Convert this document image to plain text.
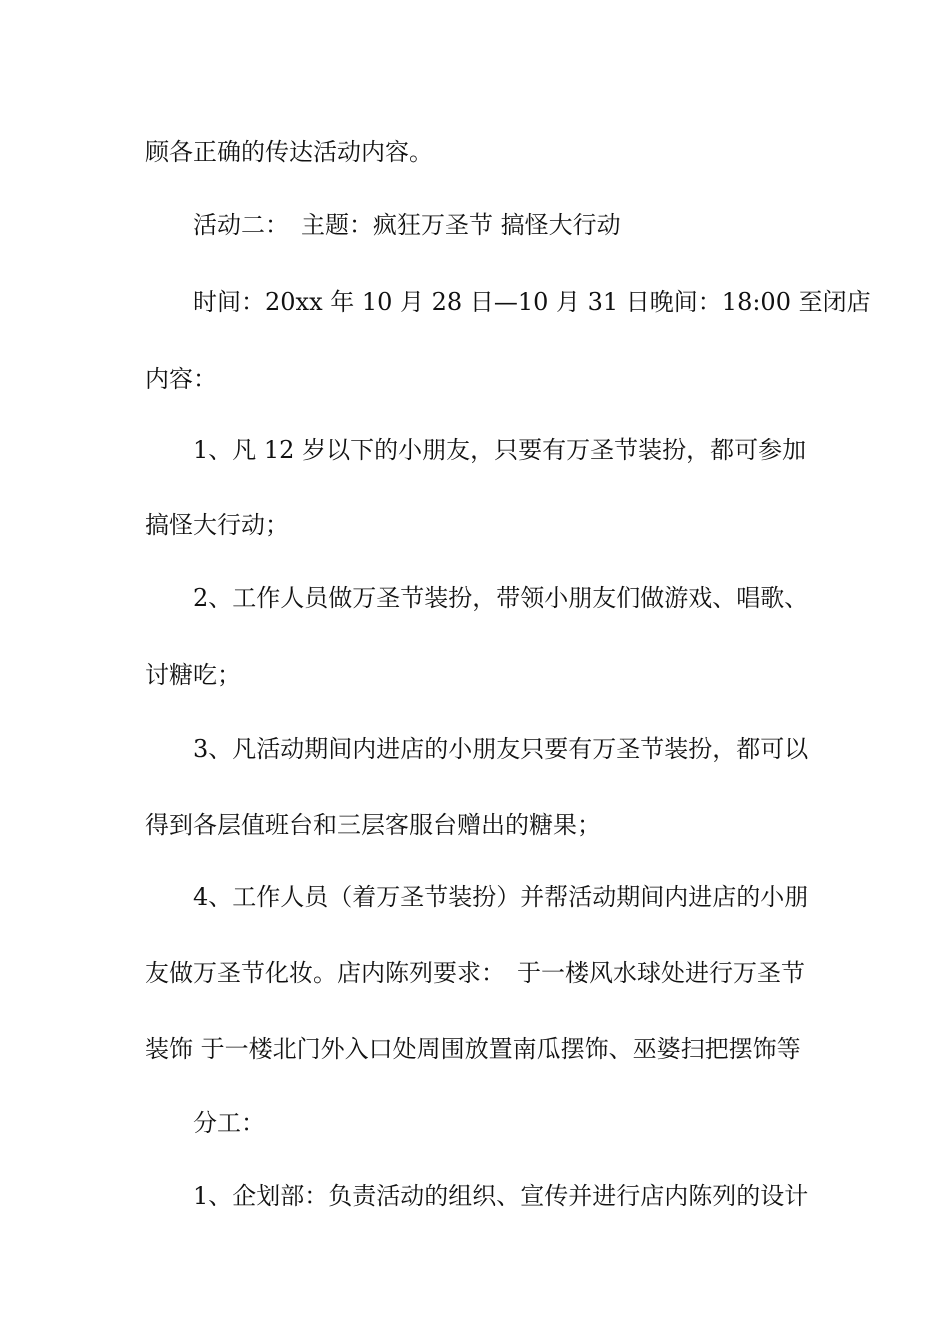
顾各正确的传达活动内容。

活动二：　主题：疯狂万圣节 搞怪大行动

时间：20xx 年 10 月 28 日—10 月 31 日晚间：18:00 至闭店

内容：

1、凡 12 岁以下的小朋友，只要有万圣节装扮，都可参加

搞怪大行动；

2、工作人员做万圣节装扮，带领小朋友们做游戏、唱歌、

讨糖吃；

3、凡活动期间内进店的小朋友只要有万圣节装扮，都可以

得到各层值班台和三层客服台赠出的糖果；

4、工作人员（着万圣节装扮）并帮活动期间内进店的小朋

友做万圣节化妆。店内陈列要求：　于一楼风水球处进行万圣节

装饰 于一楼北门外入口处周围放置南瓜摆饰、巫婆扫把摆饰等

分工：

1、企划部：负责活动的组织、宣传并进行店内陈列的设计
